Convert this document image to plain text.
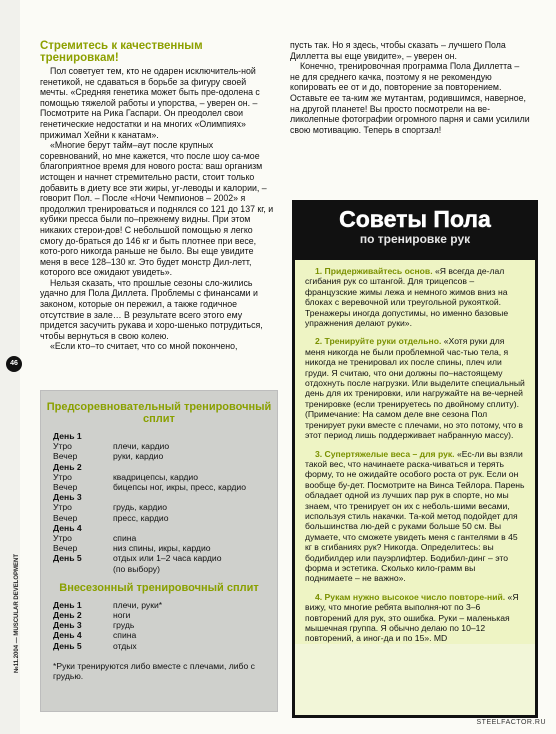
46
№11.2004 — MUSCULAR DEVELOPMENT
Стремитесь к качественным тренировкам!

Пол советует тем, кто не одарен исключитель-ной генетикой, не сдаваться в борьбе за фигуру своей мечты. «Средняя генетика может быть пре-одолена с помощью тяжелой работы и упорства, – уверен он. – Посмотрите на Рика Гаспари. Он преодолел свои генетические недостатки и на многих «Олимпиях» прижимал Хейни к канатам».

«Многие берут тайм–аут после крупных соревнований, но мне кажется, что после шоу са-мое благоприятное время для нового роста: ваш организм истощен и начнет стремительно расти, стоит только добавить в диету все эти жиры, уг-леводы и калории, – говорит Пол. – После «Ночи Чемпионов – 2002» я продолжил тренироваться и поднялся со 121 до 137 кг, и кубики пресса были по–прежнему видны. При этом никаких стерои-дов! С небольшой помощью я легко смогу до-браться до 146 кг и быть плотнее при весе, кото-рого никогда раньше не было. Вы еще увидите меня в весе 128–130 кг. Это будет монстр Дил-летт, которого все ожидают увидеть».

Нельзя сказать, что прошлые сезоны сло-жились удачно для Пола Диллета. Проблемы с финансами и законом, которые он пережил, а также годичное отсутствие в зале… В результате всего этого ему придется засучить рукава и хоро-шенько потрудиться, чтобы вернуться в свою колею.

«Если кто–то считает, что со мной покончено,

пусть так. Но я здесь, чтобы сказать – лучшего Пола Диллетта вы еще увидите», – уверен он.

Конечно, тренировочная программа Пола Диллетта – не для среднего качка, поэтому я не рекомендую копировать ее от и до, повторение за повторением. Оставьте ее та-ким же мутантам, родившимся, наверное, на другой планете! Вы просто посмотрели на ве-ликолепные фотографии огромного парня и сами усилили свою мотивацию. Теперь в спортзал!

Предсоревновательный тренировочный сплит
День 1
Утро	плечи, кардио
Вечер	руки, кардио
День 2
Утро	квадрицепсы, кардио
Вечер	бицепсы ног, икры, пресс, кардио
День 3
Утро	грудь, кардио
Вечер	пресс, кардио
День 4
Утро	спина
Вечер	низ спины, икры, кардио
День 5	отдых или 1–2 часа кардио
(по выбору)
Внесезонный тренировочный сплит
День 1	плечи, руки*
День 2	ноги
День 3	грудь
День 4	спина
День 5	отдых
*Руки тренируются либо вместе с плечами, либо с грудью.
Советы Пола
по тренировке рук

1. Придерживайтесь основ. «Я всегда де-лал сгибания рук со штангой. Для трицепсов – французские жимы лежа и немного жимов вниз на блоках с веревочной или треугольной рукояткой. Тренажеры иногда допустимы, но именно базовые упражнения делают руки».

2. Тренируйте руки отдельно. «Хотя руки для меня никогда не были проблемной час-тью тела, я никогда не тренировал их после спины, плеч или груди. Я считаю, что они должны по–настоящему отдохнуть после нагрузки. Или выделите специальный день для их тренировки, или нагружайте на ве-черней тренировке (если тренируетесь по двойному сплиту). (Примечание: На самом деле вне сезона Пол тренирует руки вместе с плечами, но это потому, что в этот период лишь поддерживает набранную массу).

3. Супертяжелые веса – для рук. «Ес-ли вы взяли такой вес, что начинаете раска-чиваться и терять форму, то не ожидайте особого роста от рук. Если он вообще бу-дет. Посмотрите на Винса Тейлора. Парень обладает одной из лучших пар рук в спорте, но мы знаем, что тренирует он их с неболь-шими весами, используя стиль накачки. Та-кой метод подойдет для большинства лю-дей с руками больше 50 см. Вы думаете, что сможете увидеть меня с гантелями в 45 кг в сгибаниях рук? Никогда. Определитесь: вы бодибилдер или пауэрлифтер. Бодибил-динг – это форма и эстетика. Сколько кило-грамм вы поднимаете – не важно».

4. Рукам нужно высокое число повторе-ний. «Я вижу, что многие ребята выполня-ют по 3–6 повторений для рук, это ошибка. Руки – маленькая мышечная группа. Я обычно делаю по 10–12 повторений, а иног-да и по 15». MD

STEELFACTOR.RU
